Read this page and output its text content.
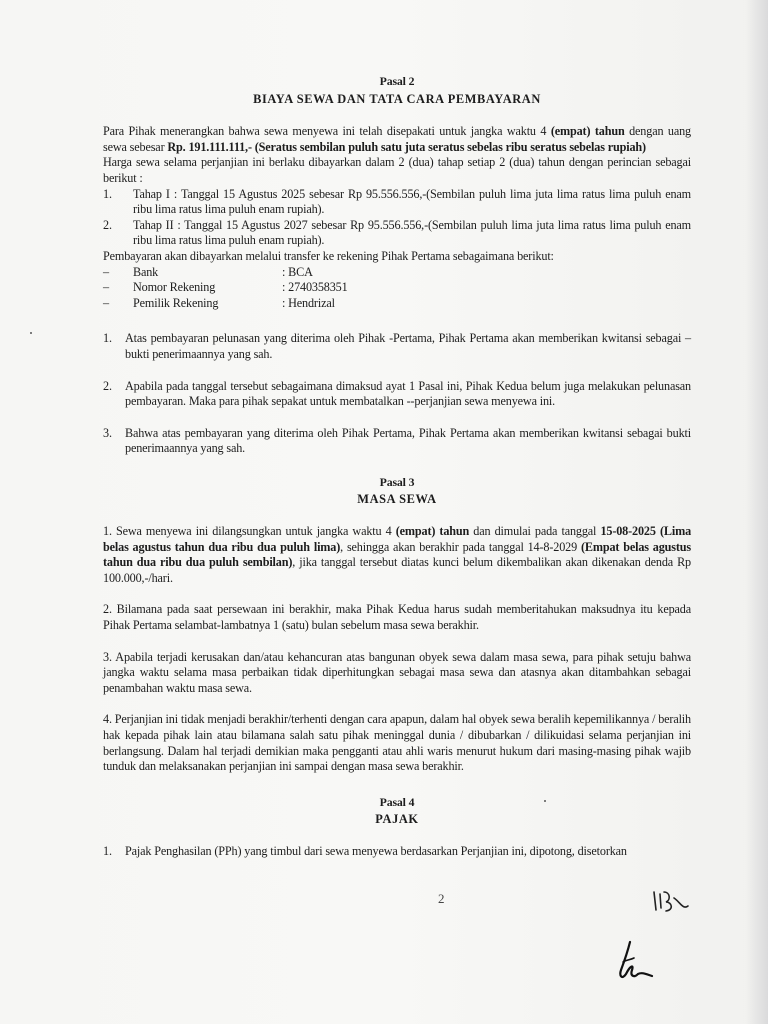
Pasal 2
BIAYA SEWA DAN TATA CARA PEMBAYARAN

Para Pihak menerangkan bahwa sewa menyewa ini telah disepakati untuk jangka waktu 4 (empat) tahun dengan uang sewa sebesar Rp. 191.111.111,- (Seratus sembilan puluh satu juta seratus sebelas ribu seratus sebelas rupiah)

Harga sewa selama perjanjian ini berlaku dibayarkan dalam 2 (dua) tahap setiap 2 (dua) tahun dengan perincian sebagai berikut :

1.	Tahap I : Tanggal 15 Agustus 2025 sebesar Rp 95.556.556,-(Sembilan puluh lima juta lima ratus lima puluh enam ribu lima ratus lima puluh enam rupiah).

2.	Tahap II : Tanggal 15 Agustus 2027 sebesar Rp 95.556.556,-(Sembilan puluh lima juta lima ratus lima puluh enam ribu lima ratus lima puluh enam rupiah).

Pembayaran akan dibayarkan melalui transfer ke rekening Pihak Pertama sebagaimana berikut:

–	Bank	: BCA
–	Nomor Rekening	: 2740358351
–	Pemilik Rekening	: Hendrizal
1.	Atas pembayaran pelunasan yang diterima oleh Pihak -Pertama, Pihak Pertama akan memberikan kwitansi sebagai –bukti penerimaannya yang sah.

2.	Apabila pada tanggal tersebut sebagaimana dimaksud ayat 1 Pasal ini, Pihak Kedua belum juga melakukan pelunasan pembayaran. Maka para pihak sepakat untuk membatalkan --perjanjian sewa menyewa ini.

3.	Bahwa atas pembayaran yang diterima oleh Pihak Pertama, Pihak Pertama akan memberikan kwitansi sebagai bukti penerimaannya yang sah.

Pasal 3
MASA SEWA

1. Sewa menyewa ini dilangsungkan untuk jangka waktu 4 (empat) tahun dan dimulai pada tanggal 15-08-2025 (Lima belas agustus tahun dua ribu dua puluh lima), sehingga akan berakhir pada tanggal 14-8-2029 (Empat belas agustus tahun dua ribu dua puluh sembilan), jika tanggal tersebut diatas kunci belum dikembalikan akan dikenakan denda Rp 100.000,-/hari.

2. Bilamana pada saat persewaan ini berakhir, maka Pihak Kedua harus sudah memberitahukan maksudnya itu kepada Pihak Pertama selambat-lambatnya 1 (satu) bulan sebelum masa sewa berakhir.

3. Apabila terjadi kerusakan dan/atau kehancuran atas bangunan obyek sewa dalam masa sewa, para pihak setuju bahwa jangka waktu selama masa perbaikan tidak diperhitungkan sebagai masa sewa dan atasnya akan ditambahkan sebagai penambahan waktu masa sewa.

4. Perjanjian ini tidak menjadi berakhir/terhenti dengan cara apapun, dalam hal obyek sewa beralih kepemilikannya / beralih hak kepada pihak lain atau bilamana salah satu pihak meninggal dunia / dibubarkan / dilikuidasi selama perjanjian ini berlangsung. Dalam hal terjadi demikian maka pengganti atau ahli waris menurut hukum dari masing-masing pihak wajib tunduk dan melaksanakan perjanjian ini sampai dengan masa sewa berakhir.

Pasal 4
PAJAK
1.	Pajak Penghasilan (PPh) yang timbul dari sewa menyewa berdasarkan Perjanjian ini, dipotong, disetorkan

2
